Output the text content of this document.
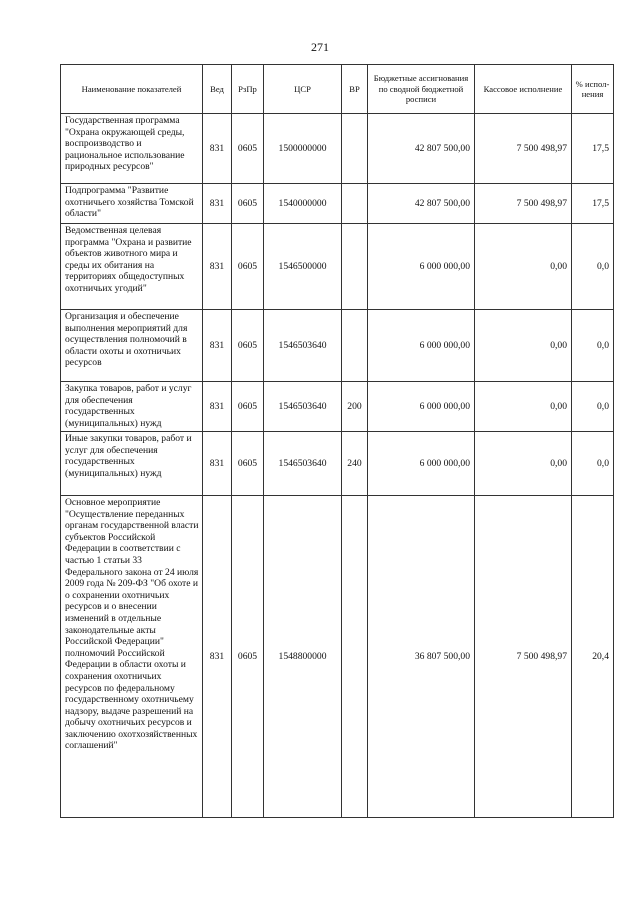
271
Наименование показателей	Вед	РзПр	ЦСР	ВР	Бюджетные ассигнования по сводной бюджетной росписи	Кассовое исполнение	% испол-нения
Государственная программа "Охрана окружающей среды, воспроизводство и рациональное использование природных ресурсов"	831	0605	1500000000		42 807 500,00	7 500 498,97	17,5
Подпрограмма "Развитие охотничьего хозяйства Томской области"	831	0605	1540000000		42 807 500,00	7 500 498,97	17,5
Ведомственная целевая программа "Охрана и развитие объектов животного мира и среды их обитания на территориях общедоступных охотничьих угодий"	831	0605	1546500000		6 000 000,00	0,00	0,0
Организация и обеспечение выполнения мероприятий для осуществления полномочий в области охоты и охотничьих ресурсов	831	0605	1546503640		6 000 000,00	0,00	0,0
Закупка товаров, работ и услуг для обеспечения государственных (муниципальных) нужд	831	0605	1546503640	200	6 000 000,00	0,00	0,0
Иные закупки товаров, работ и услуг для обеспечения государственных (муниципальных) нужд	831	0605	1546503640	240	6 000 000,00	0,00	0,0
Основное мероприятие "Осуществление переданных органам государственной власти субъектов Российской Федерации в соответствии с частью 1 статьи 33 Федерального закона от 24 июля 2009 года № 209-ФЗ "Об охоте и о сохранении охотничьих ресурсов и о внесении изменений в отдельные законодательные акты Российской Федерации" полномочий Российской Федерации в области охоты и сохранения охотничьих ресурсов по федеральному государственному охотничьему надзору, выдаче разрешений на добычу охотничьих ресурсов и заключению охотхозяйственных соглашений"	831	0605	1548800000		36 807 500,00	7 500 498,97	20,4
